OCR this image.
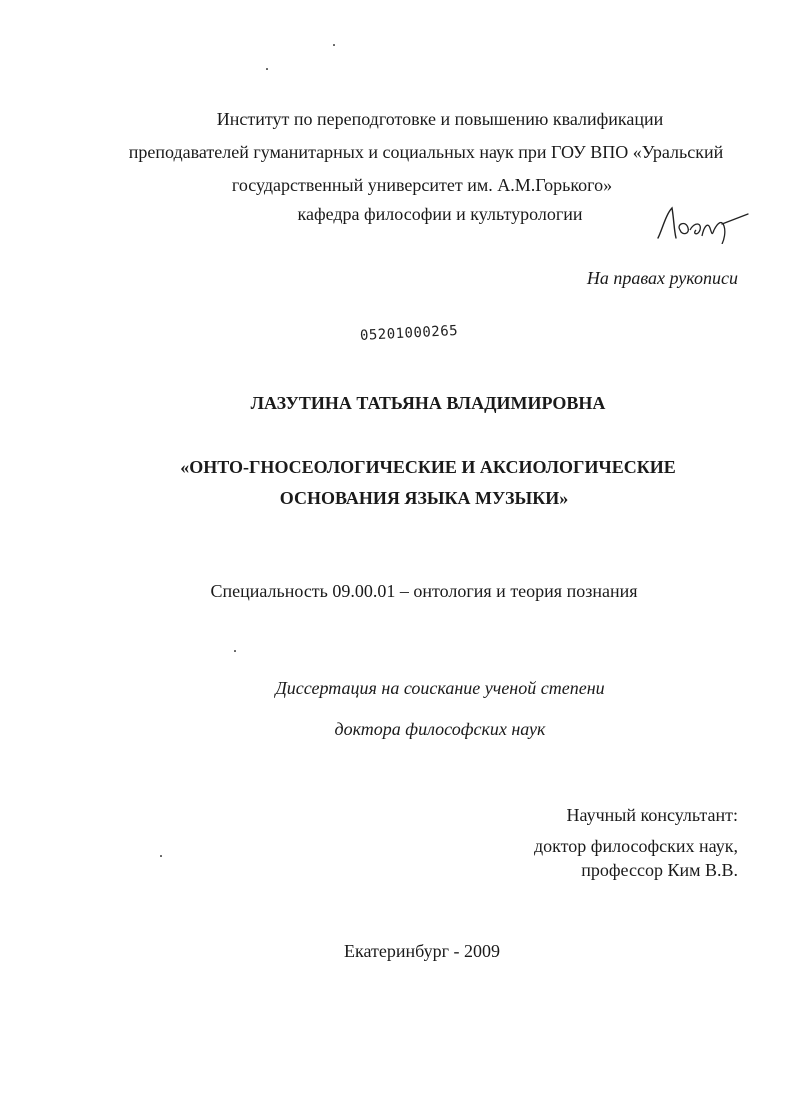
Институт по переподготовке и повышению квалификации
преподавателей гуманитарных и социальных наук при ГОУ ВПО «Уральский
государственный университет им. А.М.Горького»
кафедра философии и культурологии
На правах рукописи
05201000265
ЛАЗУТИНА ТАТЬЯНА ВЛАДИМИРОВНА
«ОНТО-ГНОСЕОЛОГИЧЕСКИЕ И АКСИОЛОГИЧЕСКИЕ
ОСНОВАНИЯ ЯЗЫКА МУЗЫКИ»
Специальность 09.00.01 – онтология и теория познания
Диссертация на соискание ученой степени
доктора философских наук
Научный консультант:
доктор философских наук,
профессор Ким В.В.
Екатеринбург - 2009
